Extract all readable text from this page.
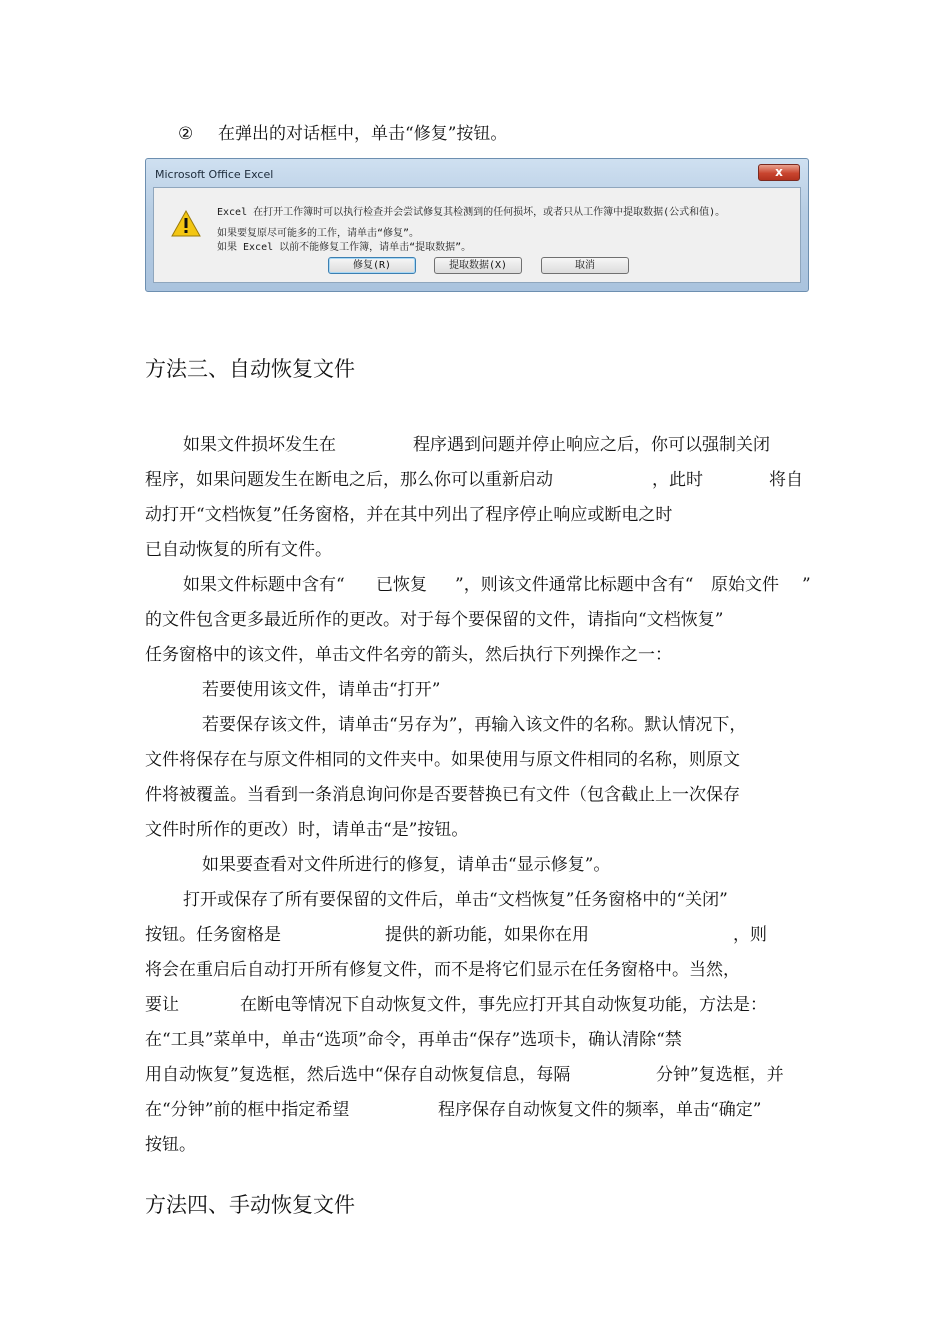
② 在弹出的对话框中，单击“修复”按钮。
Microsoft Office Excel	x
Excel 在打开工作簿时可以执行检查并会尝试修复其检测到的任何损坏，或者只从工作簿中提取数据(公式和值)。
如果要复原尽可能多的工作，请单击“修复”。
如果 Excel 以前不能修复工作簿，请单击“提取数据”。
修复(R)	提取数据(X)	取消
方法三、自动恢复文件
如果文件损坏发生在	程序遇到问题并停止响应之后，你可以强制关闭
程序，如果问题发生在断电之后，那么你可以重新启动	，此时	将自
动打开“文档恢复”任务窗格，并在其中列出了程序停止响应或断电之时
已自动恢复的所有文件。
如果文件标题中含有“ 已恢复 ”，则该文件通常比标题中含有“ 原始文件 ”
的文件包含更多最近所作的更改。对于每个要保留的文件，请指向“文档恢复”
任务窗格中的该文件，单击文件名旁的箭头，然后执行下列操作之一：
若要使用该文件，请单击“打开”
若要保存该文件，请单击“另存为”，再输入该文件的名称。默认情况下，
文件将保存在与原文件相同的文件夹中。如果使用与原文件相同的名称，则原文
件将被覆盖。当看到一条消息询问你是否要替换已有文件（包含截止上一次保存
文件时所作的更改）时，请单击“是”按钮。
如果要查看对文件所进行的修复，请单击“显示修复”。
打开或保存了所有要保留的文件后，单击“文档恢复”任务窗格中的“关闭”
按钮。任务窗格是	提供的新功能，如果你在用	，则
将会在重启后自动打开所有修复文件，而不是将它们显示在任务窗格中。当然，
要让	在断电等情况下自动恢复文件，事先应打开其自动恢复功能，方法是：
在“工具”菜单中，单击“选项”命令，再单击“保存”选项卡，确认清除“禁
用自动恢复”复选框，然后选中“保存自动恢复信息，每隔	分钟”复选框，并
在“分钟”前的框中指定希望	程序保存自动恢复文件的频率，单击“确定”
按钮。
方法四、手动恢复文件
